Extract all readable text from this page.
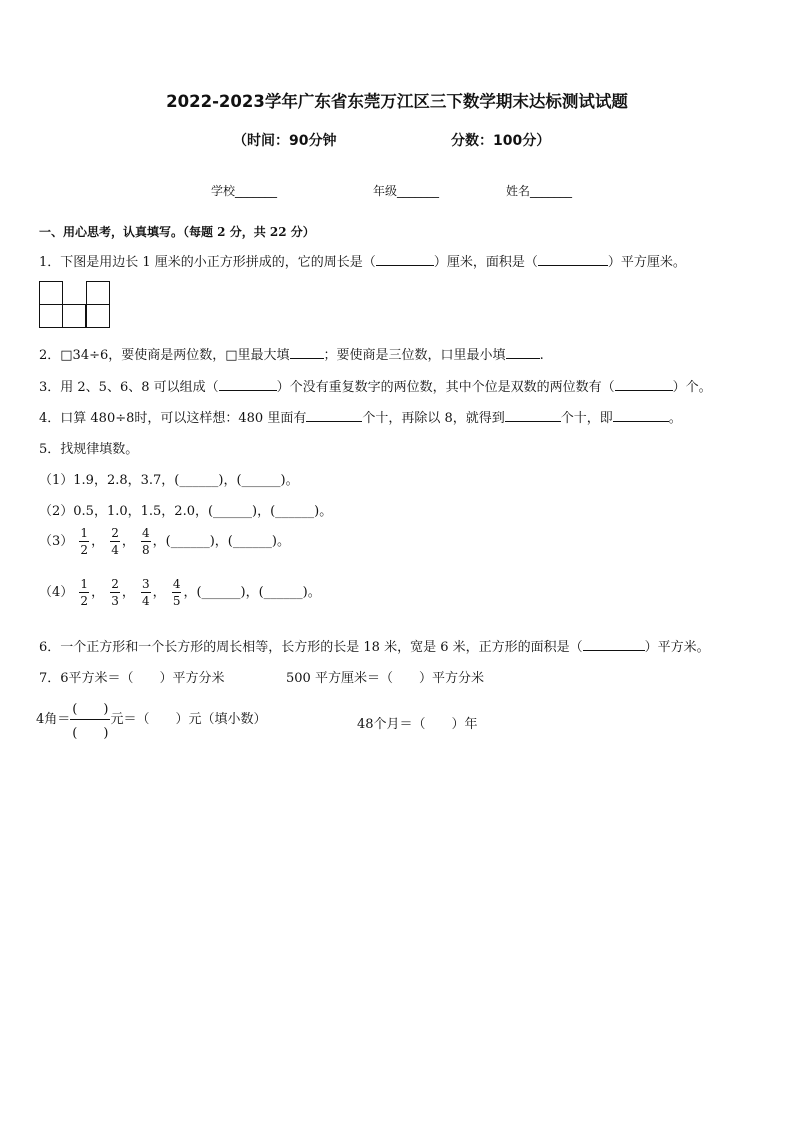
2022-2023学年广东省东莞万江区三下数学期末达标测试试题
（时间：90分钟	分数：100分）
学校_______	年级_______	姓名_______
一、用心思考，认真填写。（每题 2 分，共 22 分）
1．下图是用边长 1 厘米的小正方形拼成的，它的周长是（	）厘米，面积是（	）平方厘米。
2．□34÷6，要使商是两位数，□里最大填	；要使商是三位数，口里最小填	.
3．用 2、5、6、8 可以组成（	）个没有重复数字的两位数，其中个位是双数的两位数有（	）个。
4．口算 480÷8时，可以这样想：480 里面有	个十，再除以 8，就得到	个十，即	。
5．找规律填数。
（1）1.9，2.8，3.7，(______)，(______)。
（2）0.5，1.0，1.5，2.0，(______)，(______)。
$(3) \frac{1}{2}$ ， $\frac{2}{4}$ ， $\frac{4}{8}$ ，(______)，(______)。
$(4) \frac{1}{2}$ ， $\frac{2}{3}$ ， $\frac{3}{4}$ ， $\frac{4}{5}$ ，(______)，(______)。
6．一个正方形和一个长方形的周长相等，长方形的长是 18 米，宽是 6 米，正方形的面积是（	）平方米。
7．6平方米＝（　　）平方分米	500 平方厘米＝（　　）平方分米
4角＝
(　　)
(　　)
元＝（　　）元（填小数）	48个月＝（　　）年
